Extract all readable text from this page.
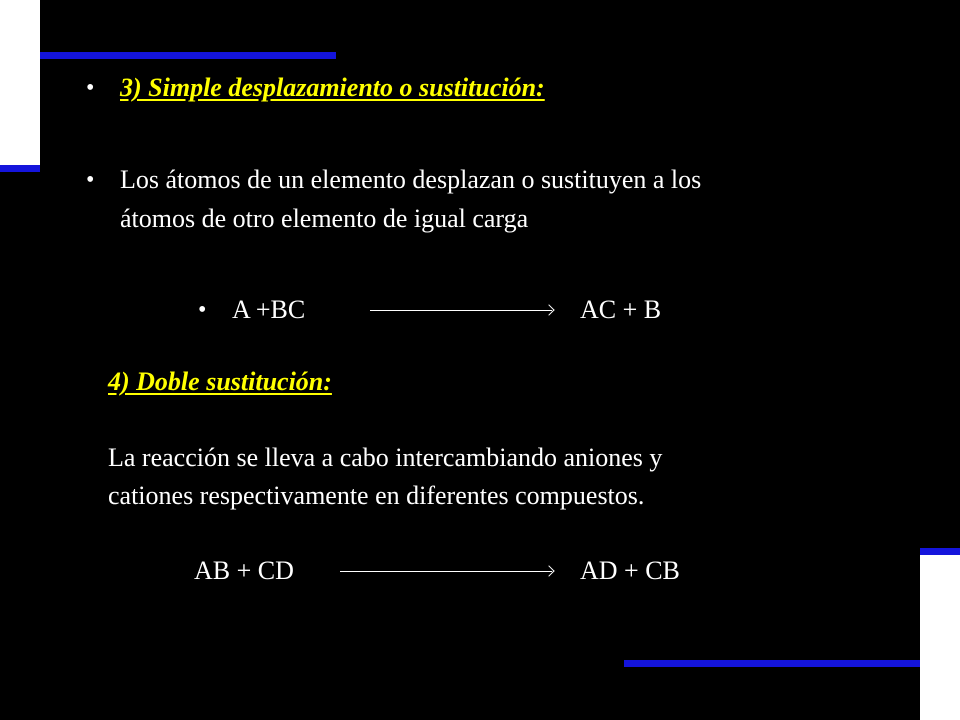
• 3) Simple desplazamiento o sustitución:
• Los átomos de un elemento desplazan o sustituyen a los
átomos de otro elemento de igual carga
• A +BC	AC + B
4) Doble sustitución:
La reacción se lleva a cabo intercambiando aniones y
cationes respectivamente en diferentes compuestos.
AB + CD	AD + CB
